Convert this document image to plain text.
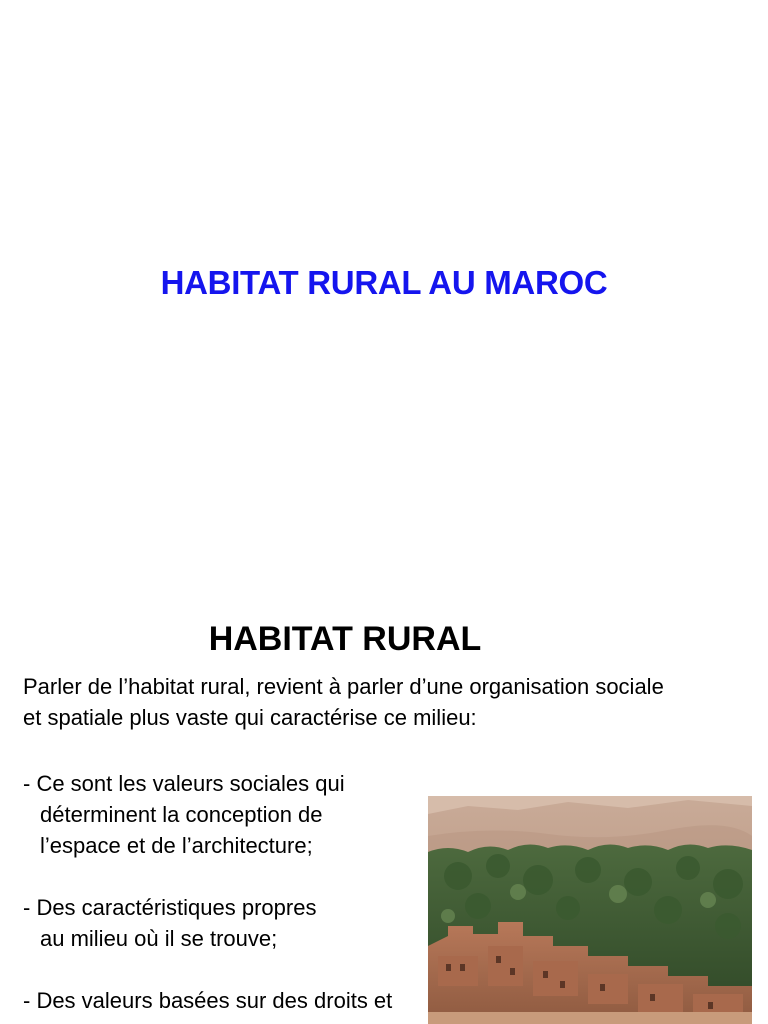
HABITAT RURAL AU MAROC
HABITAT RURAL
Parler de l’habitat rural, revient à parler d’une organisation sociale
et spatiale plus vaste qui caractérise ce milieu:
- Ce sont les valeurs sociales qui
déterminent la conception de
l’espace et de l’architecture;
- Des caractéristiques propres
au milieu où il se trouve;
- Des valeurs basées sur des droits et
